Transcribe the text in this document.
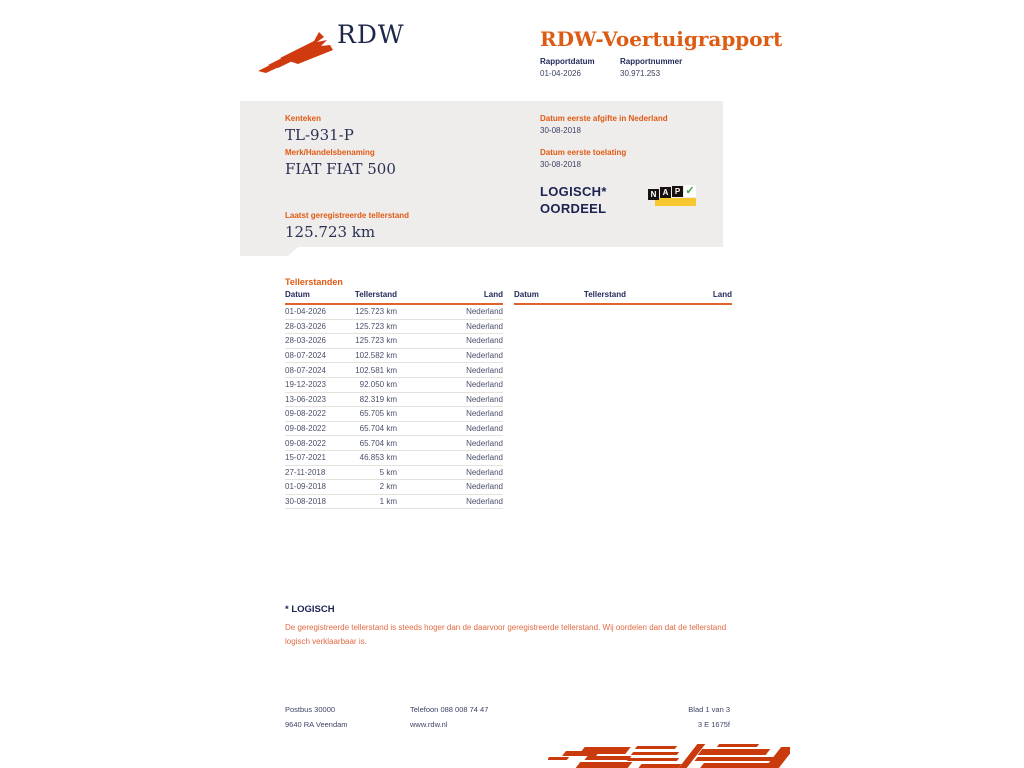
RDW	RDW-Voertuigrapport
Rapportdatum
01-04-2026
Rapportnummer
30.971.253
Kenteken
TL-931-P
Merk/Handelsbenaming
FIAT FIAT 500
Laatst geregistreerde tellerstand
125.723 km
Datum eerste afgifte in Nederland
30-08-2018
Datum eerste toelating
30-08-2018
LOGISCH*
OORDEEL
N A P ✓
Tellerstanden
Datum	Tellerstand	Land
01-04-2026	125.723 km	Nederland
28-03-2026	125.723 km	Nederland
28-03-2026	125.723 km	Nederland
08-07-2024	102.582 km	Nederland
08-07-2024	102.581 km	Nederland
19-12-2023	92.050 km	Nederland
13-06-2023	82.319 km	Nederland
09-08-2022	65.705 km	Nederland
09-08-2022	65.704 km	Nederland
09-08-2022	65.704 km	Nederland
15-07-2021	46.853 km	Nederland
27-11-2018	5 km	Nederland
01-09-2018	2 km	Nederland
30-08-2018	1 km	Nederland
Datum	Tellerstand	Land
* LOGISCH
De geregistreerde tellerstand is steeds hoger dan de daarvoor geregistreerde tellerstand. Wij oordelen dan dat de tellerstand logisch verklaarbaar is.
Postbus 30000
9640 RA Veendam
Telefoon 088 008 74 47
www.rdw.nl
Blad 1 van 3
3 E 1675f
